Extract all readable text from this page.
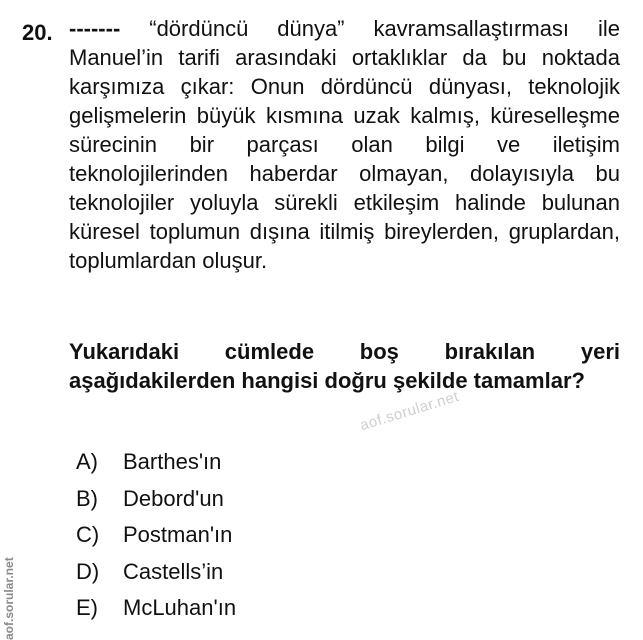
20. ------- “dördüncü dünya” kavramsallaştırması ile Manuel’in tarifi arasındaki ortaklıklar da bu noktada karşımıza çıkar: Onun dördüncü dünyası, teknolojik gelişmelerin büyük kısmına uzak kalmış, küreselleşme sürecinin bir parçası olan bilgi ve iletişim teknolojilerinden haberdar olmayan, dolayısıyla bu teknolojiler yoluyla sürekli etkileşim halinde bulunan küresel toplumun dışına itilmiş bireylerden, gruplardan, toplumlardan oluşur.
Yukarıdaki cümlede boş bırakılan yeri aşağıdakilerden hangisi doğru şekilde tamamlar?
A)	Barthes'ın
B)	Debord'un
C)	Postman'ın
D)	Castells’in
E)	McLuhan'ın
aof.sorular.net
aof.sorular.net
